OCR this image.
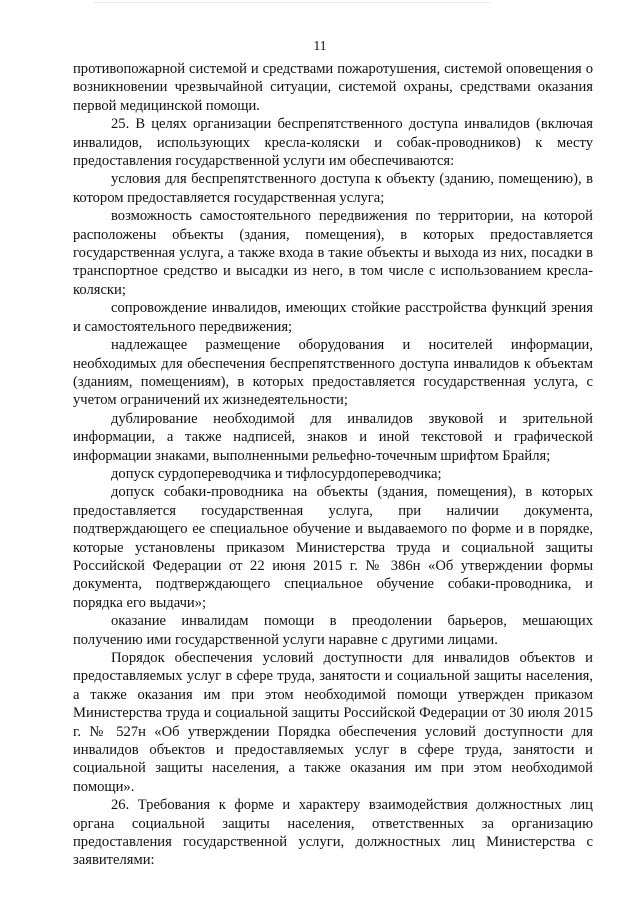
11

противопожарной системой и средствами пожаротушения, системой оповещения о возникновении чрезвычайной ситуации, системой охраны, средствами оказания первой медицинской помощи.

25. В целях организации беспрепятственного доступа инвалидов (включая инвалидов, использующих кресла-коляски и собак-проводников) к месту предоставления государственной услуги им обеспечиваются:

условия для беспрепятственного доступа к объекту (зданию, помещению), в котором предоставляется государственная услуга;

возможность самостоятельного передвижения по территории, на которой расположены объекты (здания, помещения), в которых предоставляется государственная услуга, а также входа в такие объекты и выхода из них, посадки в транспортное средство и высадки из него, в том числе с использованием кресла-коляски;

сопровождение инвалидов, имеющих стойкие расстройства функций зрения и самостоятельного передвижения;

надлежащее размещение оборудования и носителей информации, необходимых для обеспечения беспрепятственного доступа инвалидов к объектам (зданиям, помещениям), в которых предоставляется государственная услуга, с учетом ограничений их жизнедеятельности;

дублирование необходимой для инвалидов звуковой и зрительной информации, а также надписей, знаков и иной текстовой и графической информации знаками, выполненными рельефно-точечным шрифтом Брайля;

допуск сурдопереводчика и тифлосурдопереводчика;

допуск собаки-проводника на объекты (здания, помещения), в которых предоставляется государственная услуга, при наличии документа, подтверждающего ее специальное обучение и выдаваемого по форме и в порядке, которые установлены приказом Министерства труда и социальной защиты Российской Федерации от 22 июня 2015 г. № 386н «Об утверждении формы документа, подтверждающего специальное обучение собаки-проводника, и порядка его выдачи»;

оказание инвалидам помощи в преодолении барьеров, мешающих получению ими государственной услуги наравне с другими лицами.

Порядок обеспечения условий доступности для инвалидов объектов и предоставляемых услуг в сфере труда, занятости и социальной защиты населения, а также оказания им при этом необходимой помощи утвержден приказом Министерства труда и социальной защиты Российской Федерации от 30 июля 2015 г. № 527н «Об утверждении Порядка обеспечения условий доступности для инвалидов объектов и предоставляемых услуг в сфере труда, занятости и социальной защиты населения, а также оказания им при этом необходимой помощи».

26. Требования к форме и характеру взаимодействия должностных лиц органа социальной защиты населения, ответственных за организацию предоставления государственной услуги, должностных лиц Министерства с заявителями:
